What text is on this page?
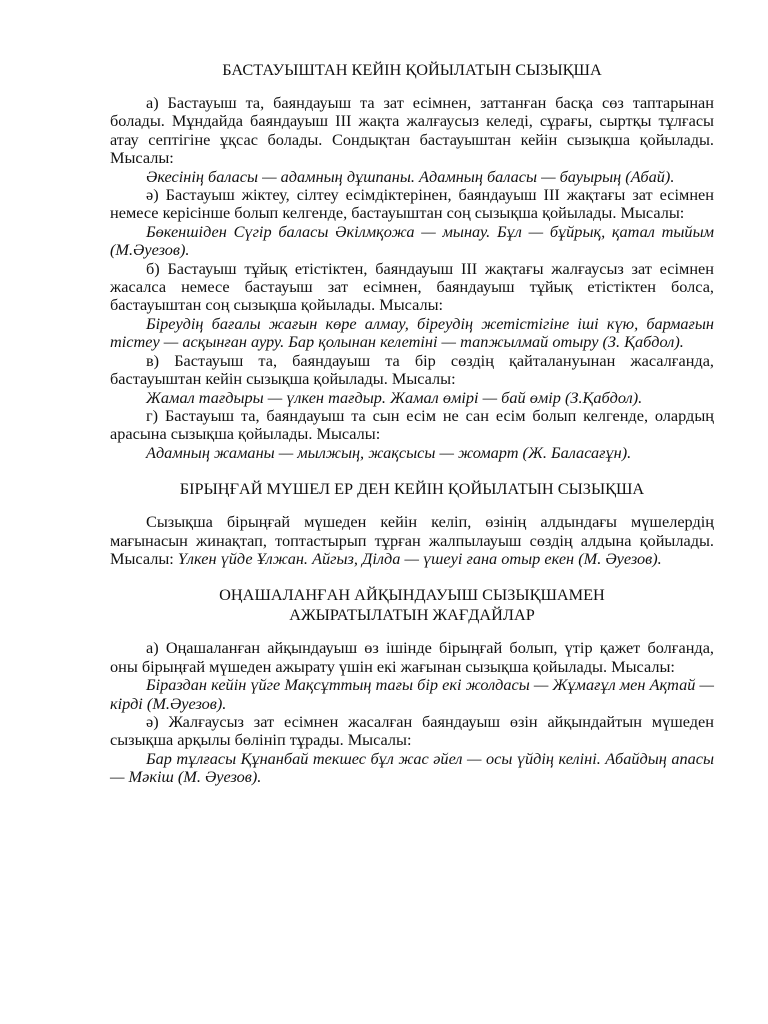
БАСТАУЫШТАН КЕЙІН ҚОЙЫЛАТЫН СЫЗЫҚША

а) Бастауыш та, баяндауыш та зат есімнен, заттанған басқа сөз таптарынан болады. Мұндайда баяндауыш ІІІ жақта жалғаусыз келеді, сұрағы, сыртқы тұлғасы атау септігіне ұқсас болады. Сондықтан бастауыштан кейін сызықша қойылады. Мысалы:

Әкесінің баласы — адамның дұшпаны. Адамның баласы — бауырың (Абай).

ә) Бастауыш жіктеу, сілтеу есімдіктерінен, баяндауыш ІІІ жақтағы зат есімнен немесе керісінше болып келгенде, бастауыштан соң сызықша қойылады. Мысалы:

Бөкеншіден Сүгір баласы Әкілмқожа — мынау. Бұл — бұйрық, қатал тыйым (М.Әуезов).

б) Бастауыш тұйық етістіктен, баяндауыш ІІІ жақтағы жалғаусыз зат есімнен жасалса немесе бастауыш зат есімнен, баяндауыш тұйық етістіктен болса, бастауыштан соң сызықша қойылады. Мысалы:

Біреудің бағалы жағын көре алмау, біреудің жетістігіне іші күю, бармағын тістеу — асқынған ауру. Бар қолынан келетіні — тапжылмай отыру (З. Қабдол).

в) Бастауыш та, баяндауыш та бір сөздің қайталануынан жасалғанда, бастауыштан кейін сызықша қойылады. Мысалы:

Жамал тағдыры — үлкен тағдыр. Жамал өмірі — бай өмір (З.Қабдол).

г) Бастауыш та, баяндауыш та сын есім не сан есім болып келгенде, олардың арасына сызықша қойылады. Мысалы:

Адамның жаманы — мылжың, жақсысы — жомарт (Ж. Баласағұн).

БІРЫҢҒАЙ МҮШЕЛ ЕР ДЕН КЕЙІН ҚОЙЫЛАТЫН СЫЗЫҚША

Сызықша бірыңғай мүшеден кейін келіп, өзінің алдындағы мүшелердің мағынасын жинақтап, топтастырып тұрған жалпылауыш сөздің алдына қойылады. Мысалы: Үлкен үйде Ұлжан. Айгыз, Ділда — үшеуі ғана отыр екен (М. Әуезов).

ОҢАШАЛАНҒАН АЙҚЫНДАУЫШ СЫЗЫҚШАМЕН
АЖЫРАТЫЛАТЫН ЖАҒДАЙЛАР

а) Оңашаланған айқындауыш өз ішінде бірыңғай болып, үтір қажет болғанда, оны бірыңғай мүшеден ажырату үшін екі жағынан сызықша қойылады. Мысалы:

Біраздан кейін үйге Мақсұттың тағы бір екі жолдасы — Жұмағұл мен Ақтай — кірді (М.Әуезов).

ә) Жалғаусыз зат есімнен жасалған баяндауыш өзін айқындайтын мүшеден сызықша арқылы бөлініп тұрады. Мысалы:

Бар тұлғасы Құнанбай текшес бұл жас әйел — осы үйдің келіні. Абайдың апасы — Мәкіш (М. Әуезов).
